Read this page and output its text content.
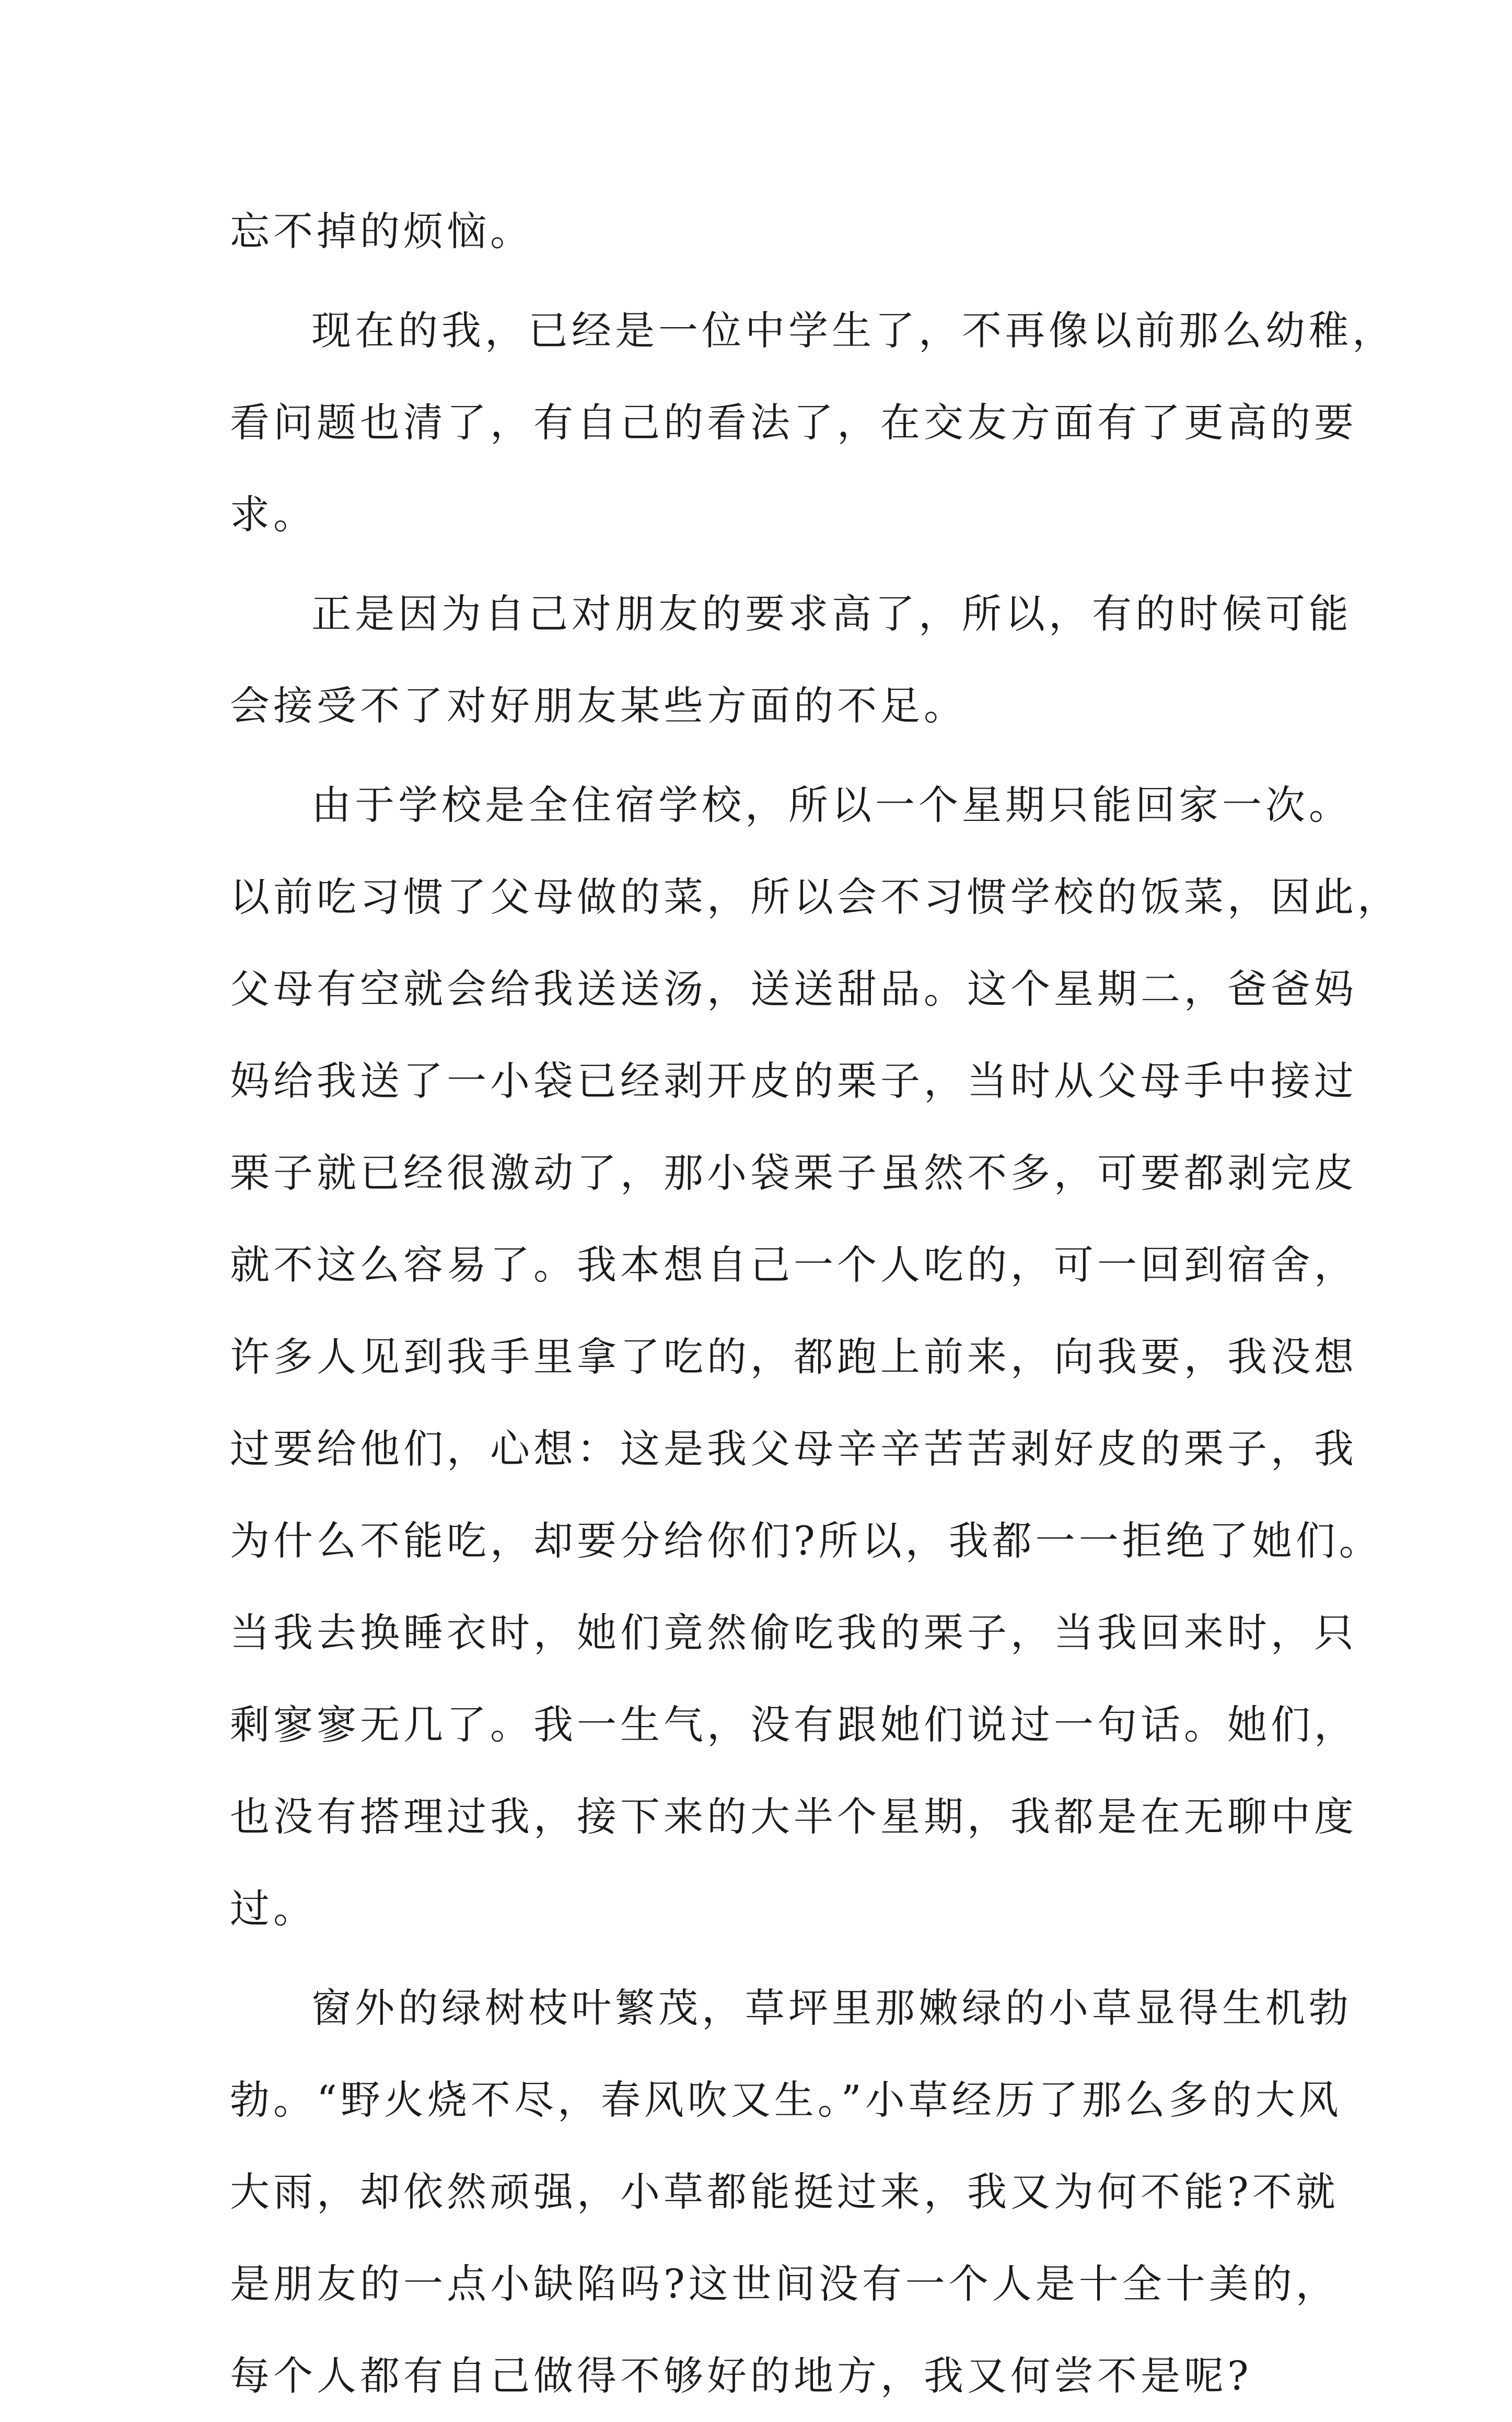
忘不掉的烦恼。
现在的我，已经是一位中学生了，不再像以前那么幼稚，
看问题也清了，有自己的看法了，在交友方面有了更高的要
求。
正是因为自己对朋友的要求高了，所以，有的时候可能
会接受不了对好朋友某些方面的不足。
由于学校是全住宿学校，所以一个星期只能回家一次。
以前吃习惯了父母做的菜，所以会不习惯学校的饭菜，因此，
父母有空就会给我送送汤，送送甜品。这个星期二，爸爸妈
妈给我送了一小袋已经剥开皮的栗子，当时从父母手中接过
栗子就已经很激动了，那小袋栗子虽然不多，可要都剥完皮
就不这么容易了。我本想自己一个人吃的，可一回到宿舍，
许多人见到我手里拿了吃的，都跑上前来，向我要，我没想
过要给他们，心想：这是我父母辛辛苦苦剥好皮的栗子，我
为什么不能吃，却要分给你们?所以，我都一一拒绝了她们。
当我去换睡衣时，她们竟然偷吃我的栗子，当我回来时，只
剩寥寥无几了。我一生气，没有跟她们说过一句话。她们，
也没有搭理过我，接下来的大半个星期，我都是在无聊中度
过。
窗外的绿树枝叶繁茂，草坪里那嫩绿的小草显得生机勃
勃。“野火烧不尽，春风吹又生。”小草经历了那么多的大风
大雨，却依然顽强，小草都能挺过来，我又为何不能?不就
是朋友的一点小缺陷吗?这世间没有一个人是十全十美的，
每个人都有自己做得不够好的地方，我又何尝不是呢?
